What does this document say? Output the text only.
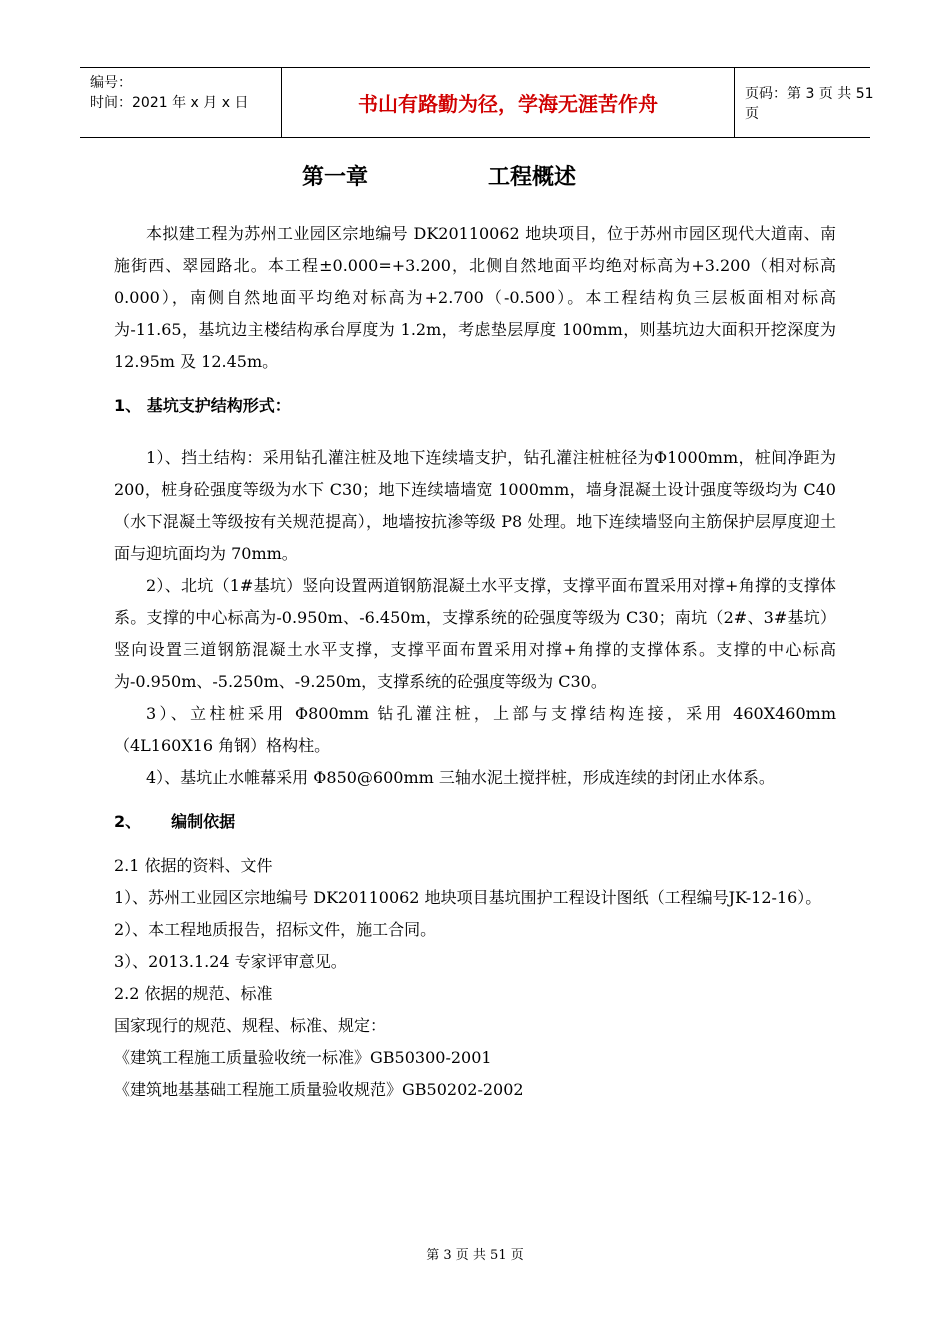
编号：
时间：2021 年 x 月 x 日	书山有路勤为径，学海无涯苦作舟	页码：第 3 页 共 51 页
第一章	工程概述

本拟建工程为苏州工业园区宗地编号 DK20110062 地块项目，位于苏州市园区现代大道南、南施街西、翠园路北。本工程±0.000=+3.200，北侧自然地面平均绝对标高为+3.200（相对标高 0.000），南侧自然地面平均绝对标高为+2.700（-0.500）。本工程结构负三层板面相对标高为-11.65，基坑边主楼结构承台厚度为 1.2m，考虑垫层厚度 100mm，则基坑边大面积开挖深度为 12.95m 及 12.45m。

1、 基坑支护结构形式：

1）、挡土结构：采用钻孔灌注桩及地下连续墙支护，钻孔灌注桩桩径为Φ1000mm，桩间净距为 200，桩身砼强度等级为水下 C30；地下连续墙墙宽 1000mm，墙身混凝土设计强度等级均为 C40（水下混凝土等级按有关规范提高），地墙按抗渗等级 P8 处理。地下连续墙竖向主筋保护层厚度迎土面与迎坑面均为 70mm。

2）、北坑（1#基坑）竖向设置两道钢筋混凝土水平支撑，支撑平面布置采用对撑+角撑的支撑体系。支撑的中心标高为-0.950m、-6.450m，支撑系统的砼强度等级为 C30；南坑（2#、3#基坑）竖向设置三道钢筋混凝土水平支撑，支撑平面布置采用对撑+角撑的支撑体系。支撑的中心标高为-0.950m、-5.250m、-9.250m，支撑系统的砼强度等级为 C30。

3）、立柱桩采用 Φ800mm 钻孔灌注桩，上部与支撑结构连接，采用 460X460mm（4L160X16 角钢）格构柱。

4）、基坑止水帷幕采用 Φ850@600mm 三轴水泥土搅拌桩，形成连续的封闭止水体系。

2、 编制依据

2.1 依据的资料、文件

1）、苏州工业园区宗地编号 DK20110062 地块项目基坑围护工程设计图纸（工程编号JK-12-16）。

2）、本工程地质报告，招标文件，施工合同。

3）、2013.1.24 专家评审意见。

2.2 依据的规范、标准

国家现行的规范、规程、标准、规定：

《建筑工程施工质量验收统一标准》GB50300-2001

《建筑地基基础工程施工质量验收规范》GB50202-2002

第 3 页 共 51 页
